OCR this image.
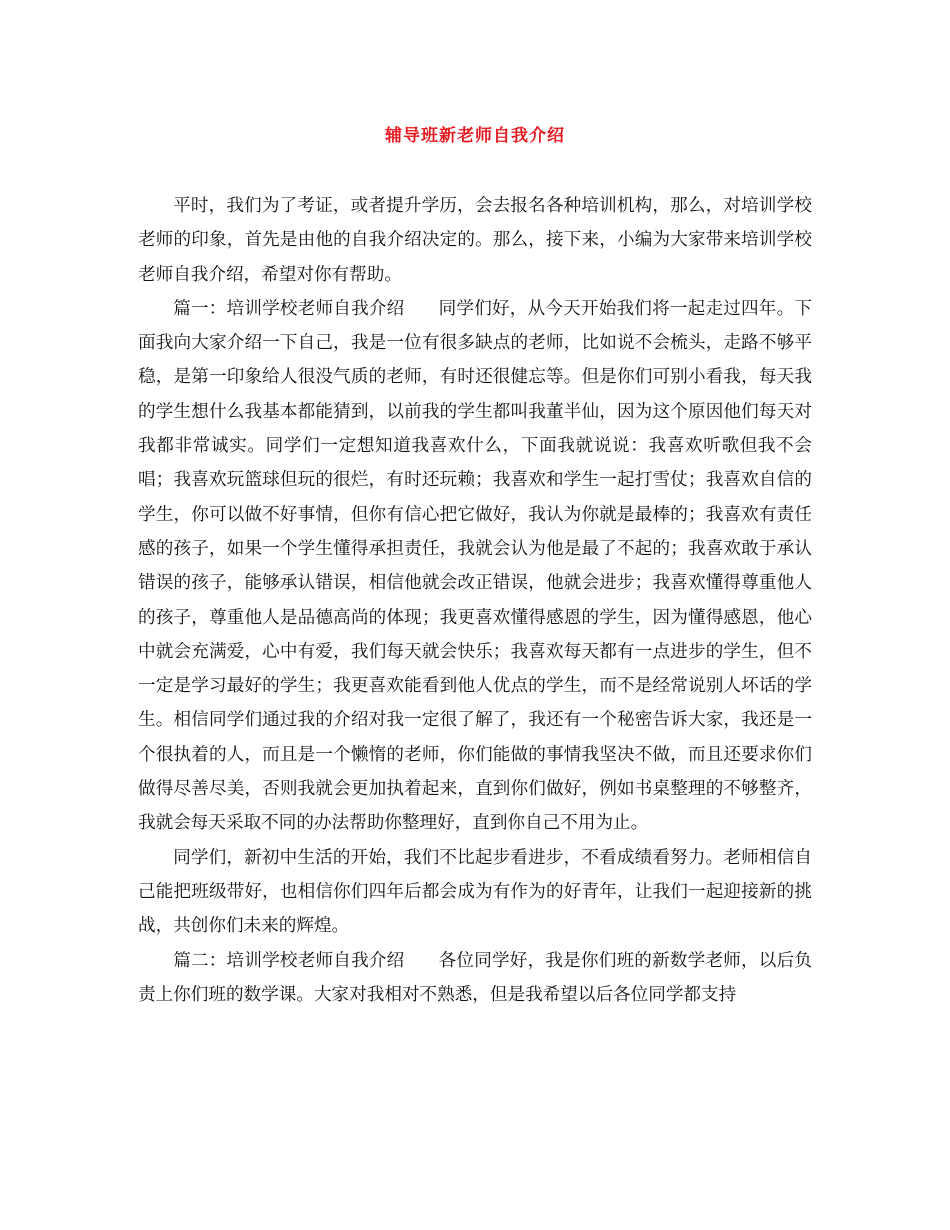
辅导班新老师自我介绍

平时，我们为了考证，或者提升学历，会去报名各种培训机构，那么，对培训学校老师的印象，首先是由他的自我介绍决定的。那么，接下来，小编为大家带来培训学校老师自我介绍，希望对你有帮助。

篇一：培训学校老师自我介绍 同学们好，从今天开始我们将一起走过四年。下面我向大家介绍一下自己，我是一位有很多缺点的老师，比如说不会梳头，走路不够平稳，是第一印象给人很没气质的老师，有时还很健忘等。但是你们可别小看我，每天我的学生想什么我基本都能猜到，以前我的学生都叫我董半仙，因为这个原因他们每天对我都非常诚实。同学们一定想知道我喜欢什么，下面我就说说：我喜欢听歌但我不会唱；我喜欢玩篮球但玩的很烂，有时还玩赖；我喜欢和学生一起打雪仗；我喜欢自信的学生，你可以做不好事情，但你有信心把它做好，我认为你就是最棒的；我喜欢有责任感的孩子，如果一个学生懂得承担责任，我就会认为他是最了不起的；我喜欢敢于承认错误的孩子，能够承认错误，相信他就会改正错误，他就会进步；我喜欢懂得尊重他人的孩子，尊重他人是品德高尚的体现；我更喜欢懂得感恩的学生，因为懂得感恩，他心中就会充满爱，心中有爱，我们每天就会快乐；我喜欢每天都有一点进步的学生，但不一定是学习最好的学生；我更喜欢能看到他人优点的学生，而不是经常说别人坏话的学生。相信同学们通过我的介绍对我一定很了解了，我还有一个秘密告诉大家，我还是一个很执着的人，而且是一个懒惰的老师，你们能做的事情我坚决不做，而且还要求你们做得尽善尽美，否则我就会更加执着起来，直到你们做好，例如书桌整理的不够整齐，我就会每天采取不同的办法帮助你整理好，直到你自己不用为止。

同学们，新初中生活的开始，我们不比起步看进步，不看成绩看努力。老师相信自己能把班级带好，也相信你们四年后都会成为有作为的好青年，让我们一起迎接新的挑战，共创你们未来的辉煌。

篇二：培训学校老师自我介绍 各位同学好，我是你们班的新数学老师，以后负责上你们班的数学课。大家对我相对不熟悉，但是我希望以后各位同学都支持
